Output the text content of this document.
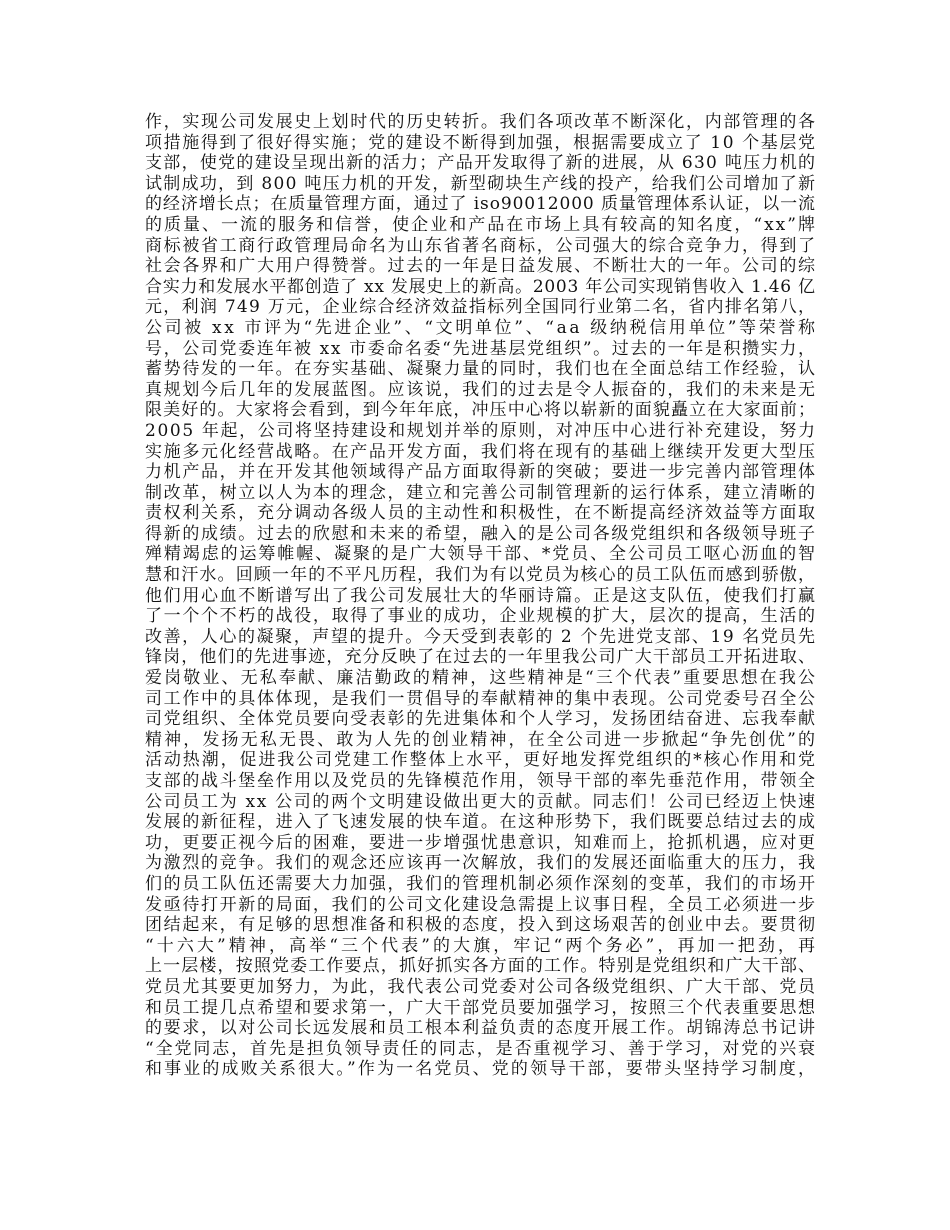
作，实现公司发展史上划时代的历史转折。我们各项改革不断深化，内部管理的各
项措施得到了很好得实施；党的建设不断得到加强，根据需要成立了 10 个基层党
支部，使党的建设呈现出新的活力；产品开发取得了新的进展，从 630 吨压力机的
试制成功，到 800 吨压力机的开发，新型砌块生产线的投产，给我们公司增加了新
的经济增长点；在质量管理方面，通过了 iso90012000 质量管理体系认证，以一流
的质量、一流的服务和信誉，使企业和产品在市场上具有较高的知名度，“xx”牌
商标被省工商行政管理局命名为山东省著名商标，公司强大的综合竞争力，得到了
社会各界和广大用户得赞誉。过去的一年是日益发展、不断壮大的一年。公司的综
合实力和发展水平都创造了 xx 发展史上的新高。2003 年公司实现销售收入 1.46 亿
元，利润 749 万元，企业综合经济效益指标列全国同行业第二名，省内排名第八，
公司被 xx 市评为“先进企业”、“文明单位”、“aa 级纳税信用单位”等荣誉称
号，公司党委连年被 xx 市委命名委“先进基层党组织”。过去的一年是积攒实力，
蓄势待发的一年。在夯实基础、凝聚力量的同时，我们也在全面总结工作经验，认
真规划今后几年的发展蓝图。应该说，我们的过去是令人振奋的，我们的未来是无
限美好的。大家将会看到，到今年年底，冲压中心将以崭新的面貌矗立在大家面前；
2005 年起，公司将坚持建设和规划并举的原则，对冲压中心进行补充建设，努力
实施多元化经营战略。在产品开发方面，我们将在现有的基础上继续开发更大型压
力机产品，并在开发其他领域得产品方面取得新的突破；要进一步完善内部管理体
制改革，树立以人为本的理念，建立和完善公司制管理新的运行体系，建立清晰的
责权利关系，充分调动各级人员的主动性和积极性，在不断提高经济效益等方面取
得新的成绩。过去的欣慰和未来的希望，融入的是公司各级党组织和各级领导班子
殚精竭虑的运筹帷幄、凝聚的是广大领导干部、*党员、全公司员工呕心沥血的智
慧和汗水。回顾一年的不平凡历程，我们为有以党员为核心的员工队伍而感到骄傲，
他们用心血不断谱写出了我公司发展壮大的华丽诗篇。正是这支队伍，使我们打赢
了一个个不朽的战役，取得了事业的成功，企业规模的扩大，层次的提高，生活的
改善，人心的凝聚，声望的提升。今天受到表彰的 2 个先进党支部、19 名党员先
锋岗，他们的先进事迹，充分反映了在过去的一年里我公司广大干部员工开拓进取、
爱岗敬业、无私奉献、廉洁勤政的精神，这些精神是“三个代表”重要思想在我公
司工作中的具体体现，是我们一贯倡导的奉献精神的集中表现。公司党委号召全公
司党组织、全体党员要向受表彰的先进集体和个人学习，发扬团结奋进、忘我奉献
精神，发扬无私无畏、敢为人先的创业精神，在全公司进一步掀起“争先创优”的
活动热潮，促进我公司党建工作整体上水平，更好地发挥党组织的*核心作用和党
支部的战斗堡垒作用以及党员的先锋模范作用，领导干部的率先垂范作用，带领全
公司员工为 xx 公司的两个文明建设做出更大的贡献。同志们！公司已经迈上快速
发展的新征程，进入了飞速发展的快车道。在这种形势下，我们既要总结过去的成
功，更要正视今后的困难，要进一步增强忧患意识，知难而上，抢抓机遇，应对更
为激烈的竞争。我们的观念还应该再一次解放，我们的发展还面临重大的压力，我
们的员工队伍还需要大力加强，我们的管理机制必须作深刻的变革，我们的市场开
发亟待打开新的局面，我们的公司文化建设急需提上议事日程，全员工必须进一步
团结起来，有足够的思想准备和积极的态度，投入到这场艰苦的创业中去。要贯彻
“十六大”精神，高举“三个代表”的大旗，牢记“两个务必”，再加一把劲，再
上一层楼，按照党委工作要点，抓好抓实各方面的工作。特别是党组织和广大干部、
党员尤其要更加努力，为此，我代表公司党委对公司各级党组织、广大干部、党员
和员工提几点希望和要求第一，广大干部党员要加强学习，按照三个代表重要思想
的要求，以对公司长远发展和员工根本利益负责的态度开展工作。胡锦涛总书记讲
“全党同志，首先是担负领导责任的同志，是否重视学习、善于学习，对党的兴衰
和事业的成败关系很大。”作为一名党员、党的领导干部，要带头坚持学习制度，
